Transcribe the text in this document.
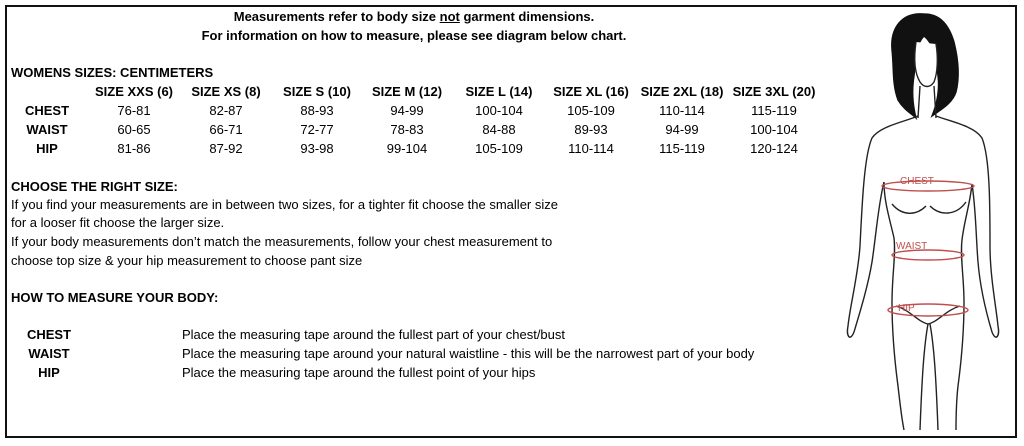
Measurements refer to body size not garment dimensions.
For information on how to measure, please see diagram below chart.
WOMENS SIZES: CENTIMETERS
SIZE XXS (6)	SIZE XS (8)	SIZE S (10)	SIZE M (12)	SIZE L (14)	SIZE XL (16) SIZE 2XL (18) SIZE 3XL (20)
CHEST	76-81	82-87	88-93	94-99	100-104	105-109	110-114	115-119
WAIST	60-65	66-71	72-77	78-83	84-88	89-93	94-99	100-104
HIP	81-86	87-92	93-98	99-104	105-109	110-114	115-119	120-124
CHOOSE THE RIGHT SIZE:
If you find your measurements are in between two sizes, for a tighter fit choose the smaller size
for a looser fit choose the larger size.
If your body measurements don’t match the measurements, follow your chest measurement to
choose top size & your hip measurement to choose pant size
HOW TO MEASURE YOUR BODY:
CHEST	Place the measuring tape around the fullest part of your chest/bust
WAIST	Place the measuring tape around your natural waistline - this will be the narrowest part of your body
HIP	Place the measuring tape around the fullest point of your hips
CHEST
WAIST
HIP
